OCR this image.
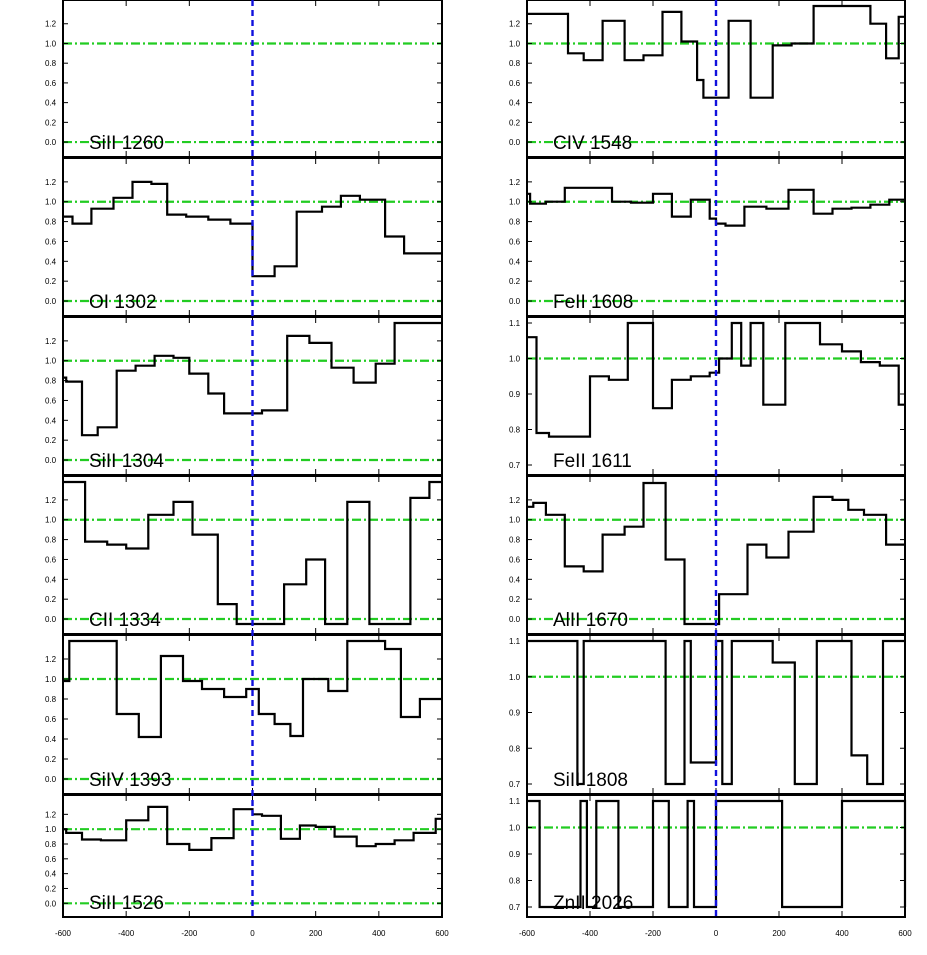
0.0
0.2
0.4
0.6
0.8
1.0
1.2
SiII 1260
0.0
0.2
0.4
0.6
0.8
1.0
1.2
OI 1302
0.0
0.2
0.4
0.6
0.8
1.0
1.2
SiII 1304
0.0
0.2
0.4
0.6
0.8
1.0
1.2
CII 1334
0.0
0.2
0.4
0.6
0.8
1.0
1.2
SiIV 1393
0.0
0.2
0.4
0.6
0.8
1.0
1.2
SiII 1526
-600	-400	-200	0	200	400	600
0.0
0.2
0.4
0.6
0.8
1.0
1.2
CIV 1548
0.0
0.2
0.4
0.6
0.8
1.0
1.2
FeII 1608
0.7
0.8
0.9
1.0
1.1
FeII 1611
0.0
0.2
0.4
0.6
0.8
1.0
1.2
AlII 1670
0.7
0.8
0.9
1.0
1.1
SiII 1808
0.7
0.8
0.9
1.0
1.1
ZnII 2026
-600	-400	-200	0	200	400	600
